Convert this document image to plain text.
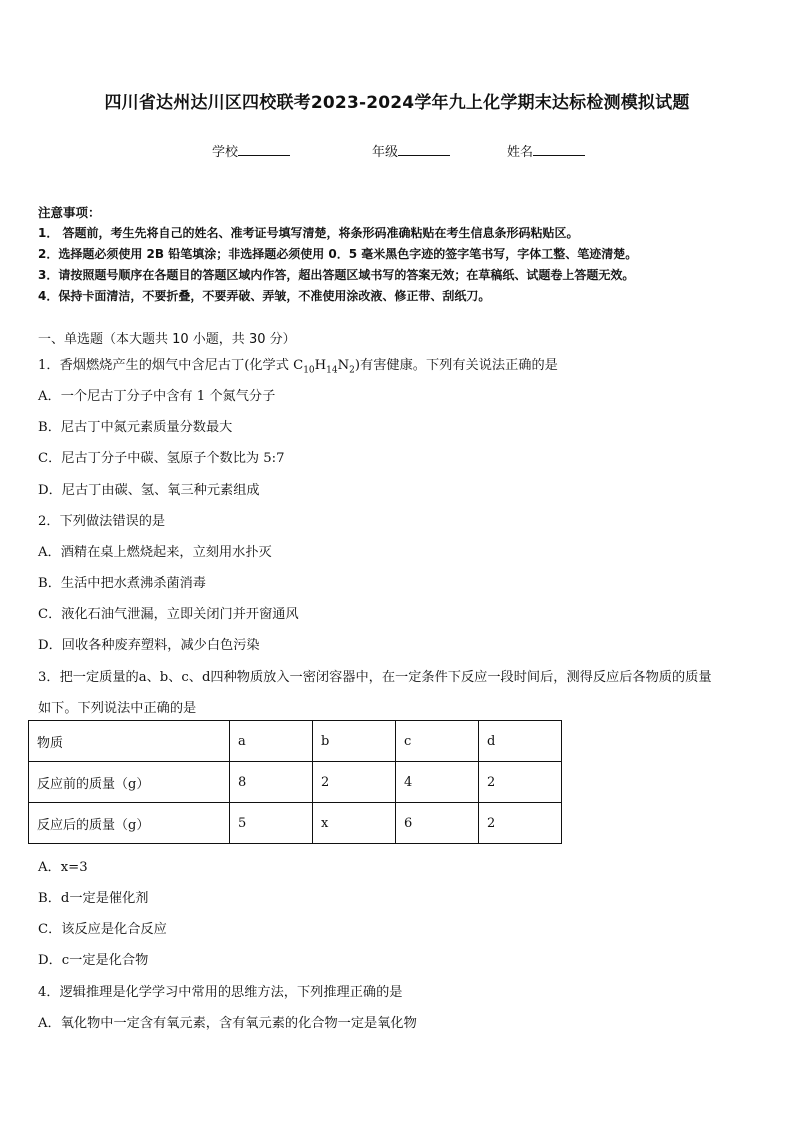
四川省达州达川区四校联考2023-2024学年九上化学期末达标检测模拟试题
学校	年级	姓名
注意事项：
1． 答题前，考生先将自己的姓名、准考证号填写清楚，将条形码准确粘贴在考生信息条形码粘贴区。
2．选择题必须使用 2B 铅笔填涂；非选择题必须使用 0．5 毫米黑色字迹的签字笔书写，字体工整、笔迹清楚。
3．请按照题号顺序在各题目的答题区域内作答，超出答题区域书写的答案无效；在草稿纸、试题卷上答题无效。
4．保持卡面清洁，不要折叠，不要弄破、弄皱，不准使用涂改液、修正带、刮纸刀。
一、单选题（本大题共 10 小题，共 30 分）
1．香烟燃烧产生的烟气中含尼古丁(化学式 $C_{10}H_{14}N_2$)有害健康。下列有关说法正确的是
A．一个尼古丁分子中含有 1 个氮气分子
B．尼古丁中氮元素质量分数最大
C．尼古丁分子中碳、氢原子个数比为 5:7
D．尼古丁由碳、氢、氧三种元素组成
2．下列做法错误的是
A．酒精在桌上燃烧起来，立刻用水扑灭
B．生活中把水煮沸杀菌消毒
C．液化石油气泄漏，立即关闭门并开窗通风
D．回收各种废弃塑料，减少白色污染
3．把一定质量的a、b、c、d四种物质放入一密闭容器中，在一定条件下反应一段时间后，测得反应后各物质的质量
如下。下列说法中正确的是
物质	a	b	c	d
反应前的质量（g）	8	2	4	2
反应后的质量（g）	5	x	6	2
A．x=3
B．d一定是催化剂
C．该反应是化合反应
D．c一定是化合物
4．逻辑推理是化学学习中常用的思维方法，下列推理正确的是
A．氧化物中一定含有氧元素，含有氧元素的化合物一定是氧化物
